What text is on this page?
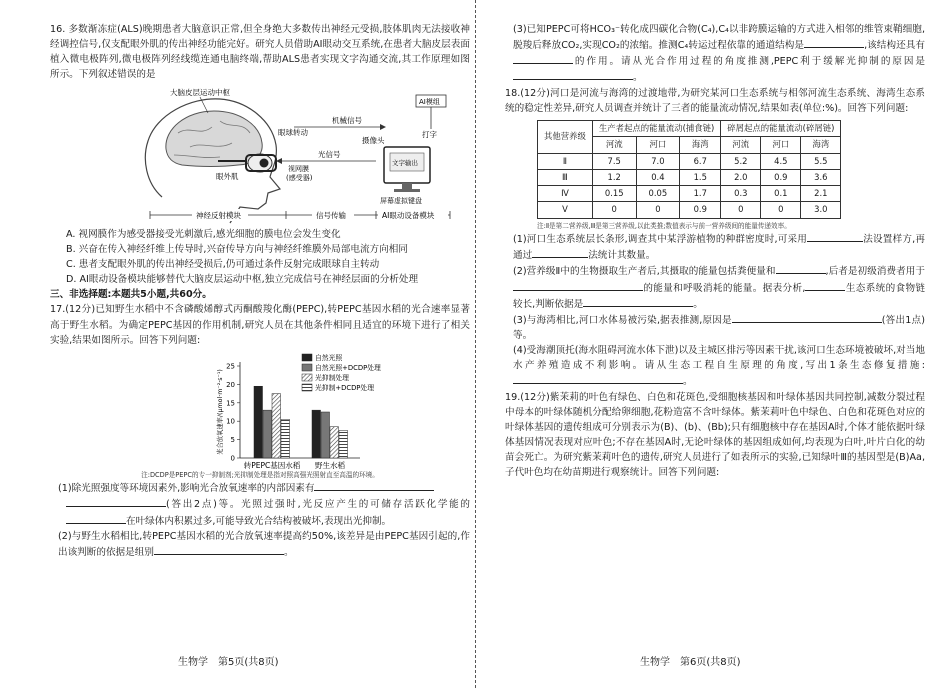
16. 多数渐冻症(ALS)晚期患者大脑意识正常,但全身绝大多数传出神经元受损,肢体肌肉无法接收神经调控信号,仅支配眼外肌的传出神经功能完好。研究人员借助AI眼动交互系统,在患者大脑皮层表面植入微电极阵列,微电极阵列经线缆连通电脑终端,帮助ALS患者实现文字沟通交流,其工作原理如图所示。下列叙述错误的是

大脑皮层运动中枢
眼球转动
眼外肌
视网膜(感受器)
机械信号
光信号
AI模组
摄像头
打字
文字输出
屏幕虚拟键盘
神经反射模块	信号传输	AI眼动设备模块

A. 视网膜作为感受器接受光刺激后,感光细胞的膜电位会发生变化

B. 兴奋在传入神经纤维上传导时,兴奋传导方向与神经纤维膜外局部电流方向相同

C. 患者支配眼外肌的传出神经受损后,仍可通过条件反射完成眼球自主转动

D. AI眼动设备模块能够替代大脑皮层运动中枢,独立完成信号在神经层面的分析处理

三、非选择题:本题共5小题,共60分。

17.(12分)已知野生水稻中不含磷酸烯醇式丙酮酸羧化酶(PEPC),转PEPC基因水稻的光合速率显著高于野生水稻。为确定PEPC基因的作用机制,研究人员在其他条件相同且适宜的环境下进行了相关实验,结果如图所示。回答下列问题:

0
5
10
15
20
25
光合放氧速率/(μmol·m⁻²·s⁻¹)
转PEPC基因水稻 野生水稻
自然光照
自然光照+DCDP处理
光抑制处理
光抑制+DCDP处理

注:DCDP是PEPC的专一抑制剂;光抑制处理是指对照高强光照射直至高温的环境。

(1)除光照强度等环境因素外,影响光合放氧速率的内部因素有

(答出2点)等。光照过强时,光反应产生的可储存活跃化学能的在叶绿体内积累过多,可能导致光合结构被破坏,表现出光抑制。

(2)与野生水稻相比,转PEPC基因水稻的光合放氧速率提高约50%,该差异是由PEPC基因引起的,作出该判断的依据是组别	。

(3)已知PEPC可将HCO₃⁻转化成四碳化合物(C₄),C₄以非跨膜运输的方式进入相邻的维管束鞘细胞,脱羧后释放CO₂,实现CO₂的浓缩。推测C₄转运过程依靠的通道结构是	,该结构还具有的作用。请从光合作用过程的角度推测,PEPC利于缓解光抑制的原因是。

18.(12分)河口是河流与海湾的过渡地带,为研究某河口生态系统与相邻河流生态系统、海湾生态系统的稳定性差异,研究人员调查并统计了三者的能量流动情况,结果如表(单位:%)。回答下列问题:

其他营养级	生产者起点的能量流动(捕食链)			碎屑起点的能量流动(碎屑链)		
	河流	河口	海湾	河流	河口	海湾
Ⅱ	7.5	7.0	6.7	5.2	4.5	5.5
Ⅲ	1.2	0.4	1.5	2.0	0.9	3.6
Ⅳ	0.15	0.05	1.7	0.3	0.1	2.1
Ⅴ	0	0	0.9	0	0	3.0

注:Ⅱ是第二营养级,Ⅲ是第三营养级,以此类推;数值表示与前一营养级间的能量传递效率。

(1)河口生态系统层长条形,调查其中某浮游植物的种群密度时,可采用	法设置样方,再通过	法统计其数量。

(2)营养级Ⅱ中的生物摄取生产者后,其摄取的能量包括粪便量和	,后者是初级消费者用于的能量和呼吸消耗的能量。据表分析,	生态系统的食物链较长,判断依据是	。

(3)与海湾相比,河口水体易被污染,据表推测,原因是	(答出1点)等。

(4)受海潮顶托(海水阻碍河流水体下泄)以及主城区排污等因素干扰,该河口生态环境被破坏,对当地水产养殖造成不利影响。请从生态工程自生原理的角度,写出1条生态修复措施:。

19.(12分)紫茉莉的叶色有绿色、白色和花斑色,受细胞核基因和叶绿体基因共同控制,减数分裂过程中母本的叶绿体随机分配给卵细胞,花粉造富不含叶绿体。紫茉莉叶色中绿色、白色和花斑色对应的叶绿体基因的遗传组成可分别表示为(B)、(b)、(Bb);只有细胞核中存在基因A时,个体才能依据叶绿体基因情况表现对应叶色;不存在基因A时,无论叶绿体的基因组成如何,均表现为白叶,叶片白化的幼苗会死亡。为研究紫茉莉叶色的遗传,研究人员进行了如表所示的实验,已知绿叶Ⅲ的基因型是(B)Aa,子代叶色均在幼苗期进行观察统计。回答下列问题:

生物学　第5页(共8页)	生物学　第6页(共8页)
